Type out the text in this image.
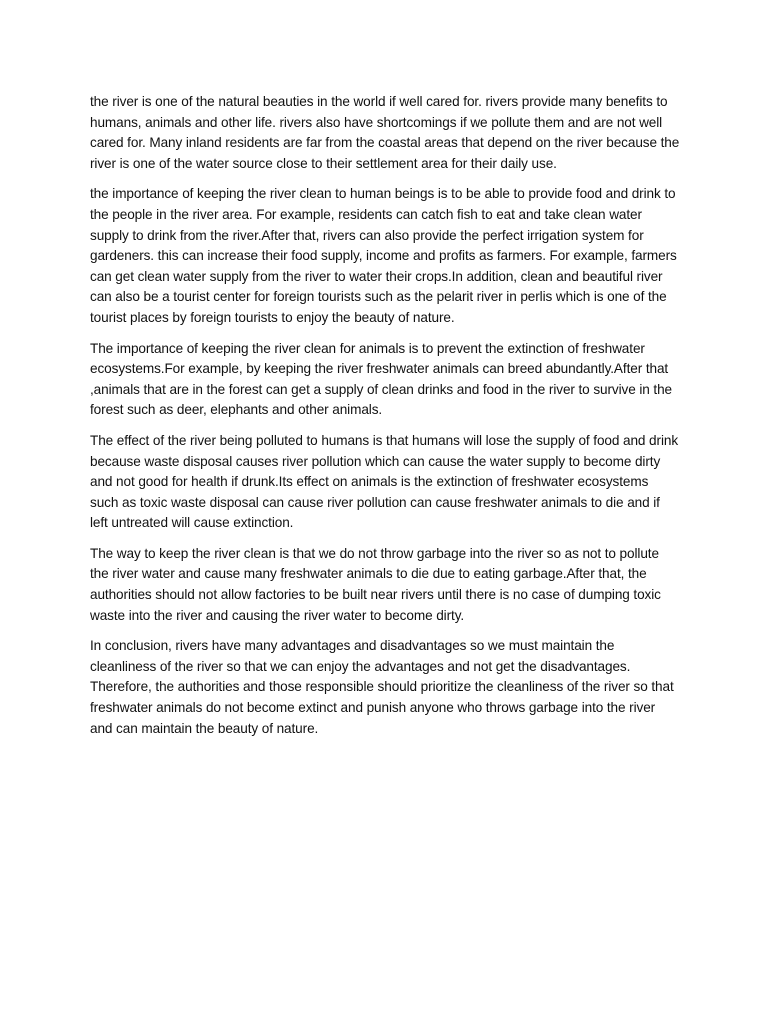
the river is one of the natural beauties in the world if well cared for. rivers provide many benefits to humans, animals and other life. rivers also have shortcomings if we pollute them and are not well cared for. Many inland residents are far from the coastal areas that depend on the river because the river is one of the water source close to their settlement area for their daily use.

the importance of keeping the river clean to human beings is to be able to provide food and drink to the people in the river area. For example, residents can catch fish to eat and take clean water supply to drink from the river.After that, rivers can also provide the perfect irrigation system for gardeners. this can increase their food supply, income and profits as farmers. For example, farmers can get clean water supply from the river to water their crops.In addition, clean and beautiful river can also be a tourist center for foreign tourists such as the pelarit river in perlis which is one of the tourist places by foreign tourists to enjoy the beauty of nature.

The importance of keeping the river clean for animals is to prevent the extinction of freshwater ecosystems.For example, by keeping the river freshwater animals can breed abundantly.After that ,animals that are in the forest can get a supply of clean drinks and food in the river to survive in the forest such as deer, elephants and other animals.

The effect of the river being polluted to humans is that humans will lose the supply of food and drink because waste disposal causes river pollution which can cause the water supply to become dirty and not good for health if drunk.Its effect on animals is the extinction of freshwater ecosystems such as toxic waste disposal can cause river pollution can cause freshwater animals to die and if left untreated will cause extinction.

The way to keep the river clean is that we do not throw garbage into the river so as not to pollute the river water and cause many freshwater animals to die due to eating garbage.After that, the authorities should not allow factories to be built near rivers until there is no case of dumping toxic waste into the river and causing the river water to become dirty.

In conclusion, rivers have many advantages and disadvantages so we must maintain the cleanliness of the river so that we can enjoy the advantages and not get the disadvantages. Therefore, the authorities and those responsible should prioritize the cleanliness of the river so that freshwater animals do not become extinct and punish anyone who throws garbage into the river and can maintain the beauty of nature.
